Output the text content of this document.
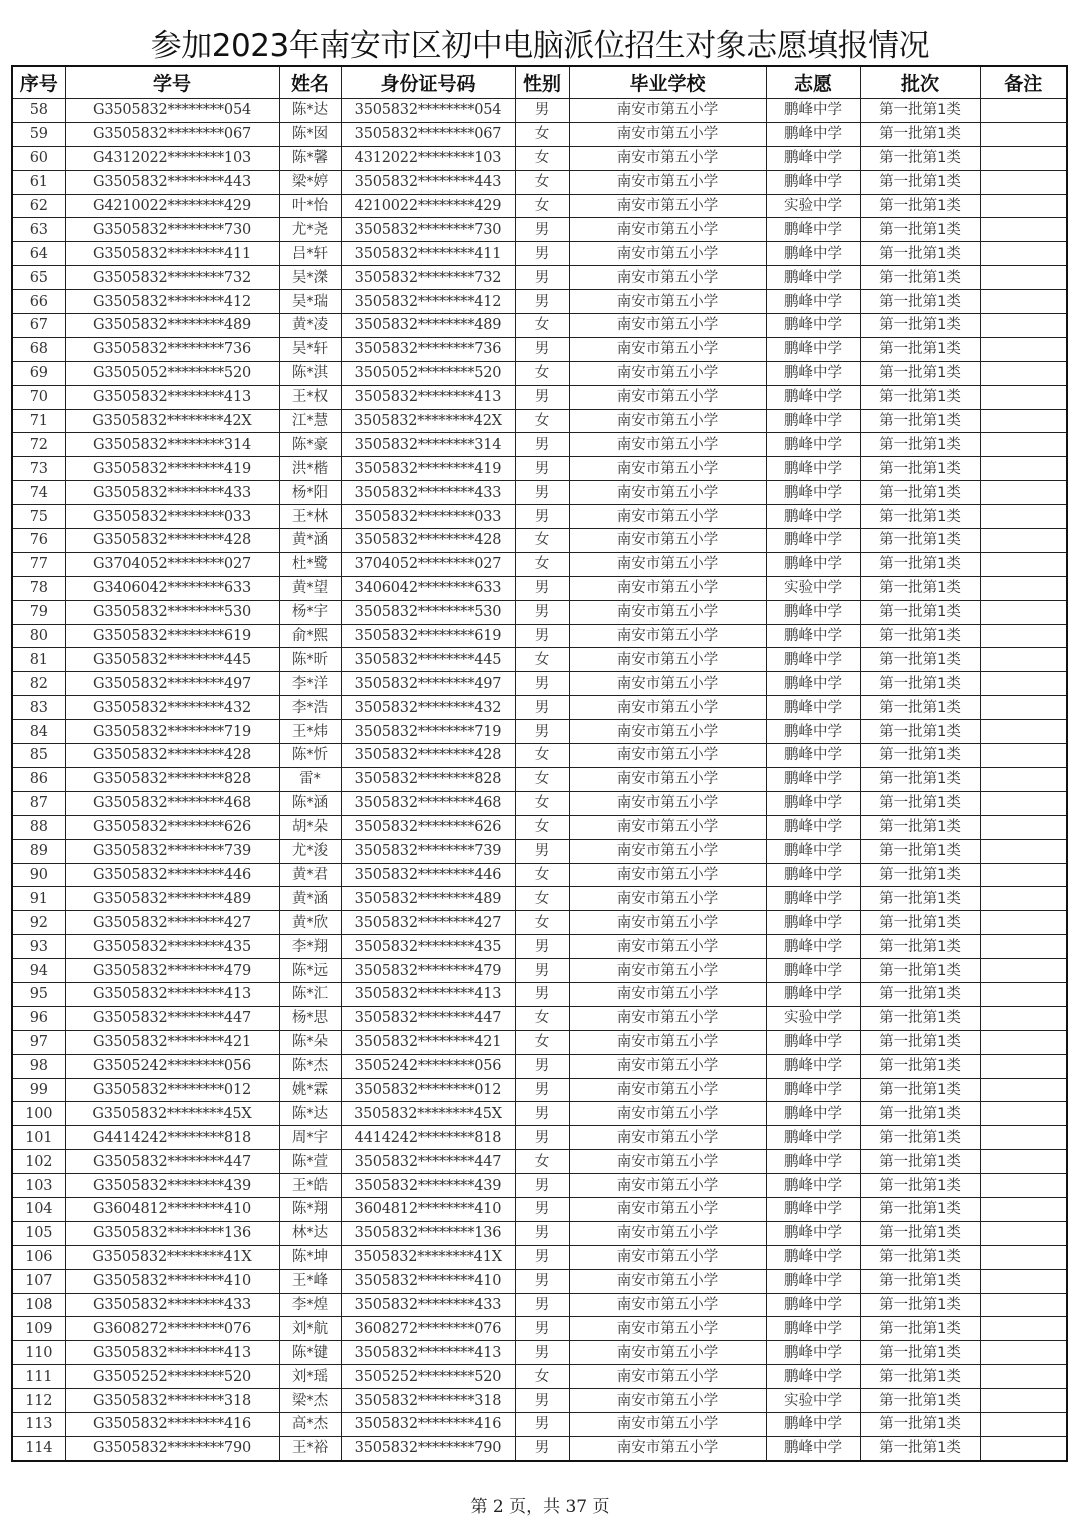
参加2023年南安市区初中电脑派位招生对象志愿填报情况
序号	学号	姓名	身份证号码	性别	毕业学校	志愿	批次	备注
58	G3505832********054	陈*达	3505832********054	男	南安市第五小学	鹏峰中学	第一批第1类	
59	G3505832********067	陈*囡	3505832********067	女	南安市第五小学	鹏峰中学	第一批第1类	
60	G4312022********103	陈*馨	4312022********103	女	南安市第五小学	鹏峰中学	第一批第1类	
61	G3505832********443	梁*婷	3505832********443	女	南安市第五小学	鹏峰中学	第一批第1类	
62	G4210022********429	叶*怡	4210022********429	女	南安市第五小学	实验中学	第一批第1类	
63	G3505832********730	尤*尧	3505832********730	男	南安市第五小学	鹏峰中学	第一批第1类	
64	G3505832********411	吕*轩	3505832********411	男	南安市第五小学	鹏峰中学	第一批第1类	
65	G3505832********732	吴*滐	3505832********732	男	南安市第五小学	鹏峰中学	第一批第1类	
66	G3505832********412	吴*瑞	3505832********412	男	南安市第五小学	鹏峰中学	第一批第1类	
67	G3505832********489	黄*凌	3505832********489	女	南安市第五小学	鹏峰中学	第一批第1类	
68	G3505832********736	吴*轩	3505832********736	男	南安市第五小学	鹏峰中学	第一批第1类	
69	G3505052********520	陈*淇	3505052********520	女	南安市第五小学	鹏峰中学	第一批第1类	
70	G3505832********413	王*权	3505832********413	男	南安市第五小学	鹏峰中学	第一批第1类	
71	G3505832********42X	江*慧	3505832********42X	女	南安市第五小学	鹏峰中学	第一批第1类	
72	G3505832********314	陈*豪	3505832********314	男	南安市第五小学	鹏峰中学	第一批第1类	
73	G3505832********419	洪*楷	3505832********419	男	南安市第五小学	鹏峰中学	第一批第1类	
74	G3505832********433	杨*阳	3505832********433	男	南安市第五小学	鹏峰中学	第一批第1类	
75	G3505832********033	王*林	3505832********033	男	南安市第五小学	鹏峰中学	第一批第1类	
76	G3505832********428	黄*涵	3505832********428	女	南安市第五小学	鹏峰中学	第一批第1类	
77	G3704052********027	杜*鹭	3704052********027	女	南安市第五小学	鹏峰中学	第一批第1类	
78	G3406042********633	黄*望	3406042********633	男	南安市第五小学	实验中学	第一批第1类	
79	G3505832********530	杨*宇	3505832********530	男	南安市第五小学	鹏峰中学	第一批第1类	
80	G3505832********619	俞*熙	3505832********619	男	南安市第五小学	鹏峰中学	第一批第1类	
81	G3505832********445	陈*昕	3505832********445	女	南安市第五小学	鹏峰中学	第一批第1类	
82	G3505832********497	李*洋	3505832********497	男	南安市第五小学	鹏峰中学	第一批第1类	
83	G3505832********432	李*浩	3505832********432	男	南安市第五小学	鹏峰中学	第一批第1类	
84	G3505832********719	王*炜	3505832********719	男	南安市第五小学	鹏峰中学	第一批第1类	
85	G3505832********428	陈*忻	3505832********428	女	南安市第五小学	鹏峰中学	第一批第1类	
86	G3505832********828	雷*	3505832********828	女	南安市第五小学	鹏峰中学	第一批第1类	
87	G3505832********468	陈*涵	3505832********468	女	南安市第五小学	鹏峰中学	第一批第1类	
88	G3505832********626	胡*朵	3505832********626	女	南安市第五小学	鹏峰中学	第一批第1类	
89	G3505832********739	尤*浚	3505832********739	男	南安市第五小学	鹏峰中学	第一批第1类	
90	G3505832********446	黄*君	3505832********446	女	南安市第五小学	鹏峰中学	第一批第1类	
91	G3505832********489	黄*涵	3505832********489	女	南安市第五小学	鹏峰中学	第一批第1类	
92	G3505832********427	黄*欣	3505832********427	女	南安市第五小学	鹏峰中学	第一批第1类	
93	G3505832********435	李*翔	3505832********435	男	南安市第五小学	鹏峰中学	第一批第1类	
94	G3505832********479	陈*远	3505832********479	男	南安市第五小学	鹏峰中学	第一批第1类	
95	G3505832********413	陈*汇	3505832********413	男	南安市第五小学	鹏峰中学	第一批第1类	
96	G3505832********447	杨*思	3505832********447	女	南安市第五小学	实验中学	第一批第1类	
97	G3505832********421	陈*朵	3505832********421	女	南安市第五小学	鹏峰中学	第一批第1类	
98	G3505242********056	陈*杰	3505242********056	男	南安市第五小学	鹏峰中学	第一批第1类	
99	G3505832********012	姚*霖	3505832********012	男	南安市第五小学	鹏峰中学	第一批第1类	
100	G3505832********45X	陈*达	3505832********45X	男	南安市第五小学	鹏峰中学	第一批第1类	
101	G4414242********818	周*宇	4414242********818	男	南安市第五小学	鹏峰中学	第一批第1类	
102	G3505832********447	陈*萱	3505832********447	女	南安市第五小学	鹏峰中学	第一批第1类	
103	G3505832********439	王*皓	3505832********439	男	南安市第五小学	鹏峰中学	第一批第1类	
104	G3604812********410	陈*翔	3604812********410	男	南安市第五小学	鹏峰中学	第一批第1类	
105	G3505832********136	林*达	3505832********136	男	南安市第五小学	鹏峰中学	第一批第1类	
106	G3505832********41X	陈*坤	3505832********41X	男	南安市第五小学	鹏峰中学	第一批第1类	
107	G3505832********410	王*峰	3505832********410	男	南安市第五小学	鹏峰中学	第一批第1类	
108	G3505832********433	李*煌	3505832********433	男	南安市第五小学	鹏峰中学	第一批第1类	
109	G3608272********076	刘*航	3608272********076	男	南安市第五小学	鹏峰中学	第一批第1类	
110	G3505832********413	陈*键	3505832********413	男	南安市第五小学	鹏峰中学	第一批第1类	
111	G3505252********520	刘*瑶	3505252********520	女	南安市第五小学	鹏峰中学	第一批第1类	
112	G3505832********318	梁*杰	3505832********318	男	南安市第五小学	实验中学	第一批第1类	
113	G3505832********416	高*杰	3505832********416	男	南安市第五小学	鹏峰中学	第一批第1类	
114	G3505832********790	王*裕	3505832********790	男	南安市第五小学	鹏峰中学	第一批第1类	
第 2 页，共 37 页
